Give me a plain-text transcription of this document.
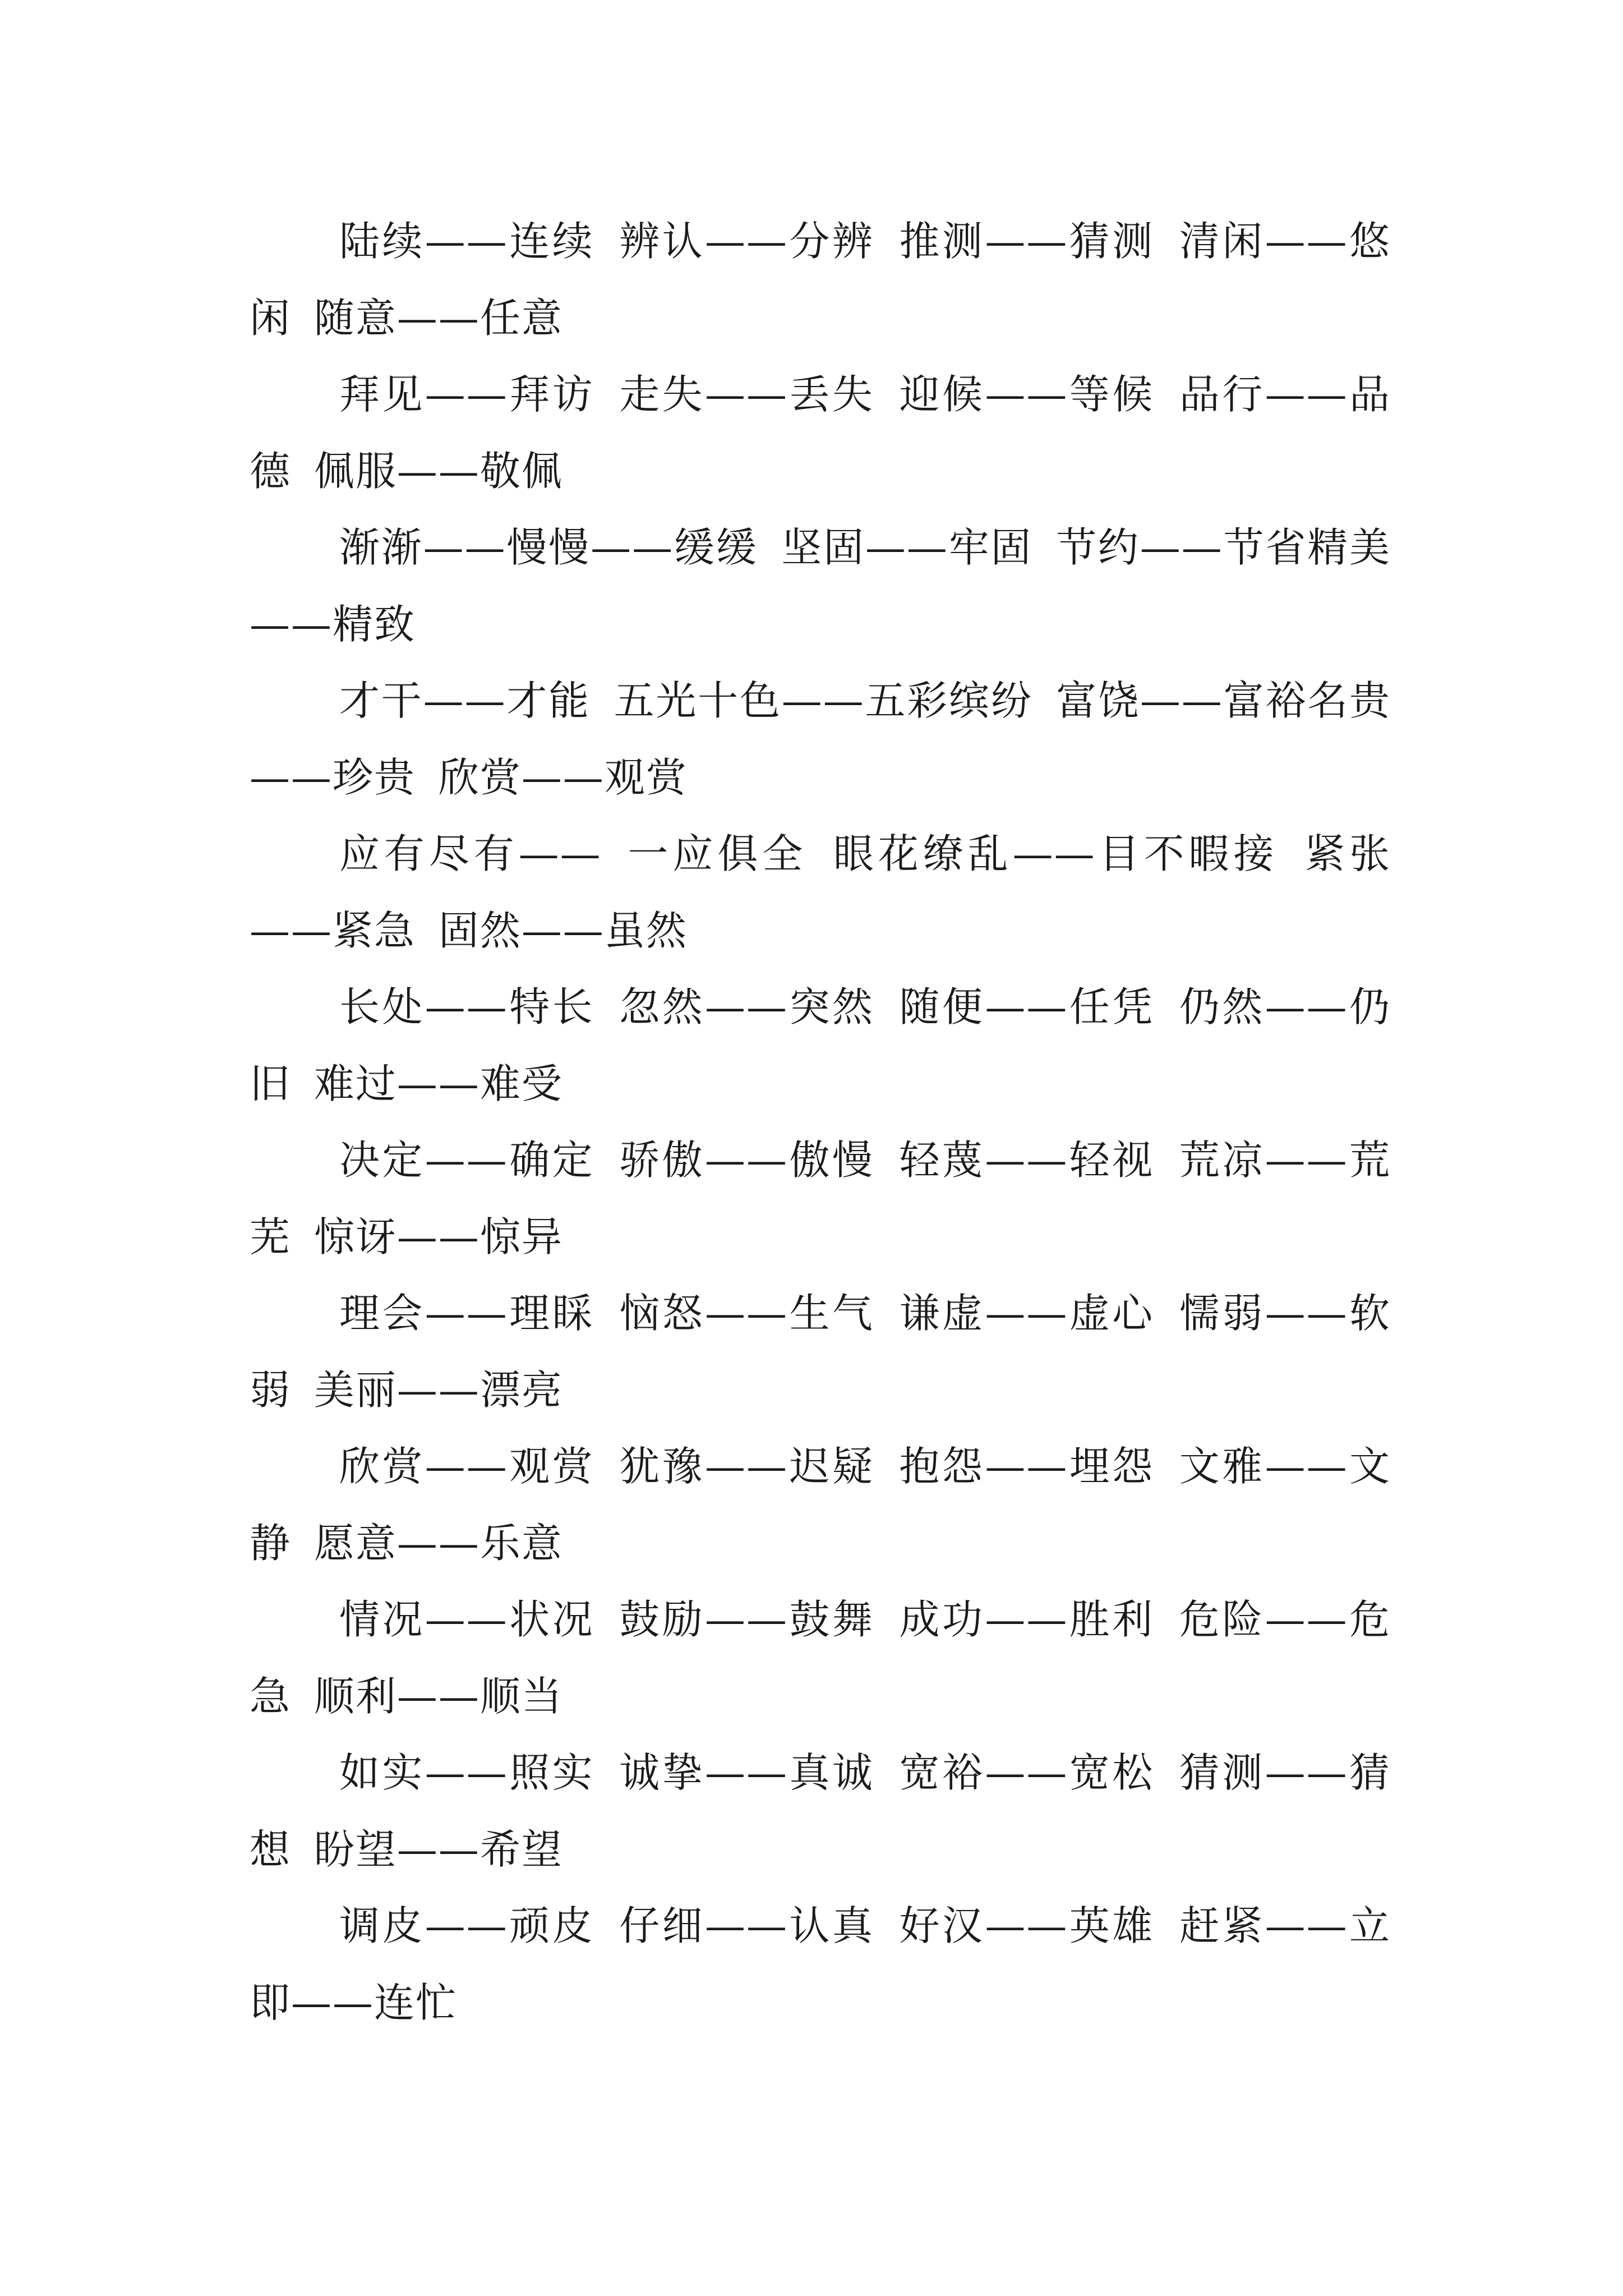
陆续——连续 辨认——分辨 推测——猜测 清闲——悠闲 随意——任意

拜见——拜访 走失——丢失 迎候——等候 品行——品德 佩服——敬佩

渐渐——慢慢——缓缓 坚固——牢固 节约——节省精美——精致

才干——才能 五光十色——五彩缤纷 富饶——富裕名贵——珍贵 欣赏——观赏

应有尽有—— 一应俱全 眼花缭乱——目不暇接 紧张——紧急 固然——虽然

长处——特长 忽然——突然 随便——任凭 仍然——仍旧 难过——难受

决定——确定 骄傲——傲慢 轻蔑——轻视 荒凉——荒芜 惊讶——惊异

理会——理睬 恼怒——生气 谦虚——虚心 懦弱——软弱 美丽——漂亮

欣赏——观赏 犹豫——迟疑 抱怨——埋怨 文雅——文静 愿意——乐意

情况——状况 鼓励——鼓舞 成功——胜利 危险——危急 顺利——顺当

如实——照实 诚挚——真诚 宽裕——宽松 猜测——猜想 盼望——希望

调皮——顽皮 仔细——认真 好汉——英雄 赶紧——立即——连忙
